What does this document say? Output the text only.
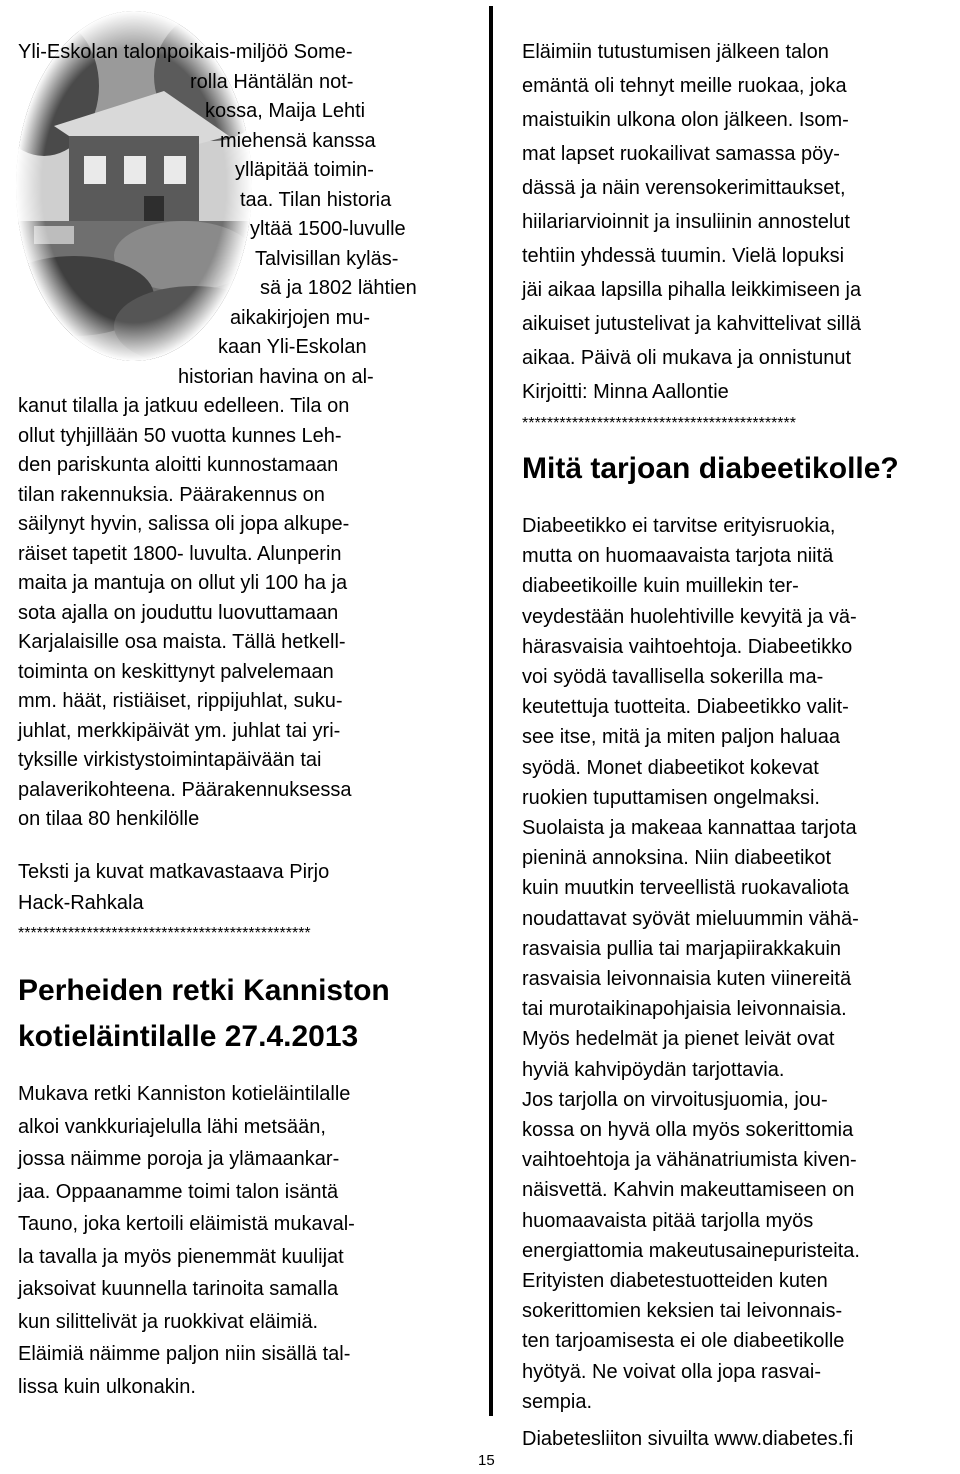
15
Yli-Eskolan talonpoikais-miljöö Some-
rolla Häntälän not-
kossa, Maija Lehti
miehensä kanssa
ylläpitää toimin-
taa. Tilan historia
yltää 1500-luvulle
Talvisillan kyläs-
sä ja 1802 lähtien
aikakirjojen mu-
kaan Yli-Eskolan
historian havina on al-
kanut tilalla ja jatkuu edelleen. Tila on
ollut tyhjillään 50 vuotta kunnes Leh-
den pariskunta aloitti kunnostamaan
tilan rakennuksia. Päärakennus on
säilynyt hyvin, salissa oli jopa alkupe-
räiset tapetit 1800- luvulta. Alunperin
maita ja mantuja on ollut yli 100 ha ja
sota ajalla on jouduttu luovuttamaan
Karjalaisille osa maista. Tällä hetkell-
toiminta on keskittynyt palvelemaan
mm. häät, ristiäiset, rippijuhlat, suku-
juhlat, merkkipäivät ym. juhlat tai yri-
tyksille virkistystoimintapäivään tai
palaverikohteena. Päärakennuksessa
on tilaa 80 henkilölle
Teksti ja kuvat matkavastaava Pirjo
Hack-Rahkala
***********************************************
Perheiden retki Kanniston
kotieläintilalle 27.4.2013
Mukava retki Kanniston kotieläintilalle
alkoi vankkuriajelulla lähi metsään,
jossa näimme poroja ja ylämaankar-
jaa. Oppaanamme toimi talon isäntä
Tauno, joka kertoili eläimistä mukaval-
la tavalla ja myös pienemmät kuulijat
jaksoivat kuunnella tarinoita samalla
kun silittelivät ja ruokkivat eläimiä.
Eläimiä näimme paljon niin sisällä tal-
lissa kuin ulkonakin.
Eläimiin tutustumisen jälkeen talon
emäntä oli tehnyt meille ruokaa, joka
maistuikin ulkona olon jälkeen. Isom-
mat lapset ruokailivat samassa pöy-
dässä ja näin verensokerimittaukset,
hiilariarvioinnit ja insuliinin annostelut
tehtiin yhdessä tuumin. Vielä lopuksi
jäi aikaa lapsilla pihalla leikkimiseen ja
aikuiset jutustelivat ja kahvittelivat sillä
aikaa. Päivä oli mukava ja onnistunut
Kirjoitti: Minna Aallontie
********************************************
Mitä tarjoan diabeetikolle?
Diabeetikko ei tarvitse erityisruokia,
mutta on huomaavaista tarjota niitä
diabeetikoille kuin muillekin ter-
veydestään huolehtiville kevyitä ja vä-
härasvaisia vaihtoehtoja. Diabeetikko
voi syödä tavallisella sokerilla ma-
keutettuja tuotteita. Diabeetikko valit-
see itse, mitä ja miten paljon haluaa
syödä. Monet diabeetikot kokevat
ruokien tuputtamisen ongelmaksi.
Suolaista ja makeaa kannattaa tarjota
pieninä annoksina. Niin diabeetikot
kuin muutkin terveellistä ruokavaliota
noudattavat syövät mieluummin vähä-
rasvaisia pullia tai marjapiirakkakuin
rasvaisia leivonnaisia kuten viinereitä
tai murotaikinapohjaisia leivonnaisia.
Myös hedelmät ja pienet leivät ovat
hyviä kahvipöydän tarjottavia.
Jos tarjolla on virvoitusjuomia, jou-
kossa on hyvä olla myös sokerittomia
vaihtoehtoja ja vähänatriumista kiven-
näisvettä. Kahvin makeuttamiseen on
huomaavaista pitää tarjolla myös
energiattomia makeutusainepuristeita.
Erityisten diabetestuotteiden kuten
sokerittomien keksien tai leivonnais-
ten tarjoamisesta ei ole diabeetikolle
hyötyä. Ne voivat olla jopa rasvai-
sempia.
Diabetesliiton sivuilta www.diabetes.fi
